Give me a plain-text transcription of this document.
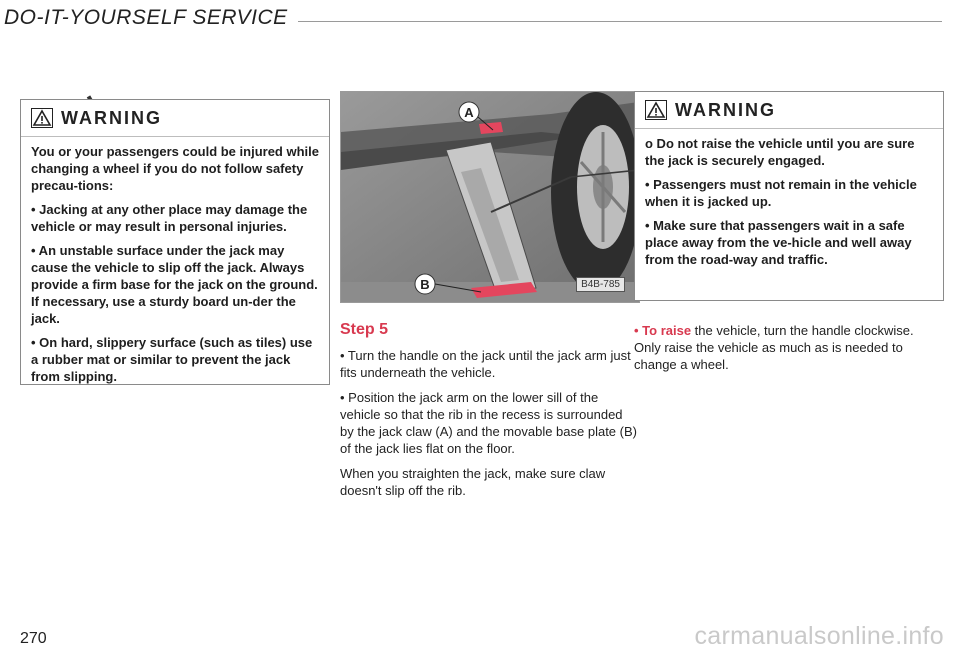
DO-IT-YOURSELF SERVICE
WARNING

You or your passengers could be injured while changing a wheel if you do not follow safety precau-tions:

• Jacking at any other place may damage the vehicle or may result in personal injuries.

• An unstable surface under the jack may cause the vehicle to slip off the jack. Always provide a firm base for the jack on the ground. If necessary, use a sturdy board un-der the jack.

• On hard, slippery surface (such as tiles) use a rubber mat or similar to prevent the jack from slipping.

A
B	B4B-785
Step 5

• Turn the handle on the jack until the jack arm just fits underneath the vehicle.

• Position the jack arm on the lower sill of the vehicle so that the rib in the recess is surrounded by the jack claw (A) and the movable base plate (B) of the jack lies flat on the floor.

When you straighten the jack, make sure claw doesn't slip off the rib.

WARNING

o Do not raise the vehicle until you are sure the jack is securely engaged.

• Passengers must not remain in the vehicle when it is jacked up.

• Make sure that passengers wait in a safe place away from the ve-hicle and well away from the road-way and traffic.

• To raise the vehicle, turn the handle clockwise. Only raise the vehicle as much as is needed to change a wheel.

270	carmanualsonline.info
